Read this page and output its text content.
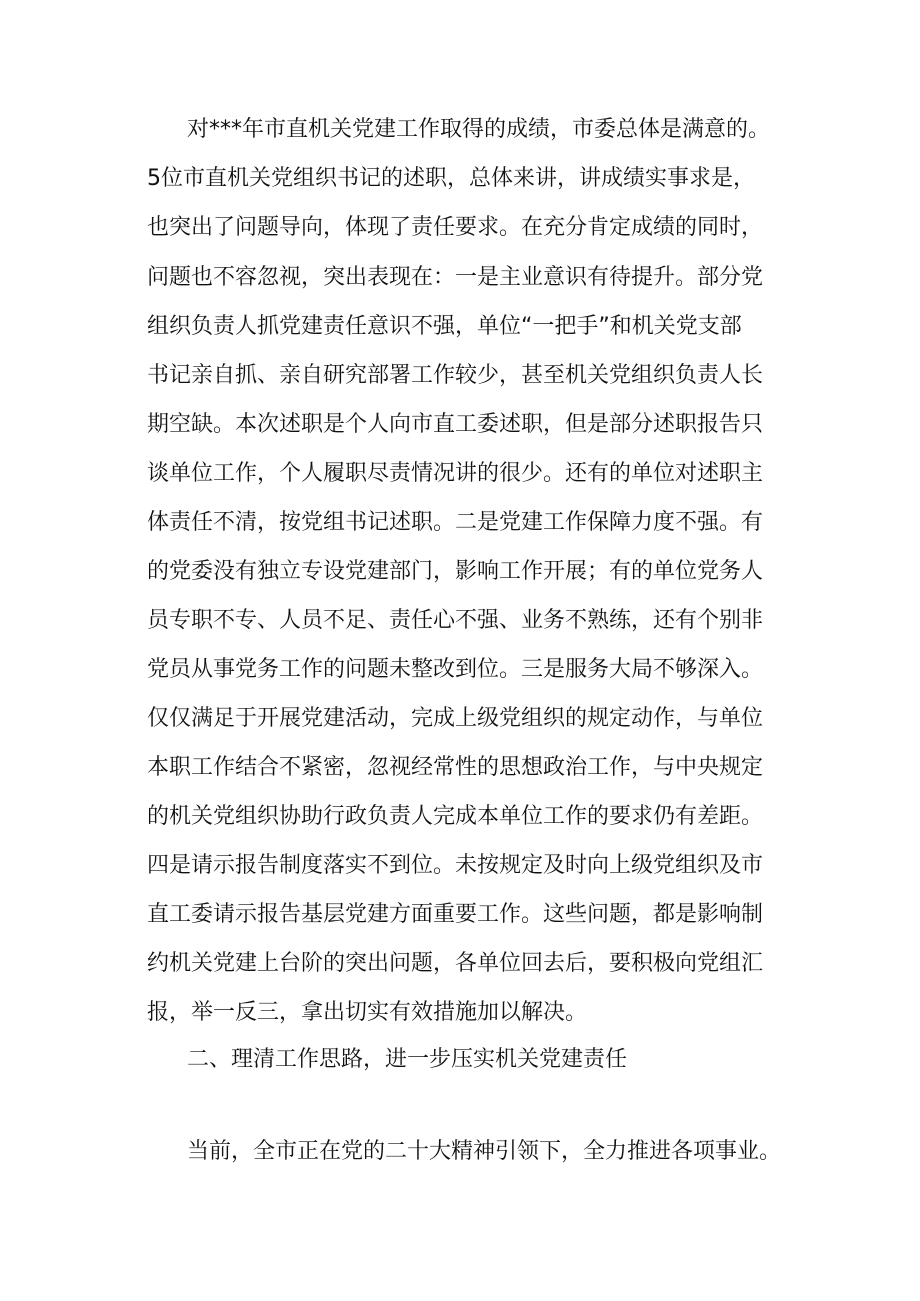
对***年市直机关党建工作取得的成绩，市委总体是满意的。
5位市直机关党组织书记的述职，总体来讲，讲成绩实事求是，
也突出了问题导向，体现了责任要求。在充分肯定成绩的同时，
问题也不容忽视，突出表现在：一是主业意识有待提升。部分党
组织负责人抓党建责任意识不强，单位“一把手”和机关党支部
书记亲自抓、亲自研究部署工作较少，甚至机关党组织负责人长
期空缺。本次述职是个人向市直工委述职，但是部分述职报告只
谈单位工作，个人履职尽责情况讲的很少。还有的单位对述职主
体责任不清，按党组书记述职。二是党建工作保障力度不强。有
的党委没有独立专设党建部门，影响工作开展；有的单位党务人
员专职不专、人员不足、责任心不强、业务不熟练，还有个别非
党员从事党务工作的问题未整改到位。三是服务大局不够深入。
仅仅满足于开展党建活动，完成上级党组织的规定动作，与单位
本职工作结合不紧密，忽视经常性的思想政治工作，与中央规定
的机关党组织协助行政负责人完成本单位工作的要求仍有差距。
四是请示报告制度落实不到位。未按规定及时向上级党组织及市
直工委请示报告基层党建方面重要工作。这些问题，都是影响制
约机关党建上台阶的突出问题，各单位回去后，要积极向党组汇
报，举一反三，拿出切实有效措施加以解决。
二、理清工作思路，进一步压实机关党建责任
当前，全市正在党的二十大精神引领下，全力推进各项事业。
